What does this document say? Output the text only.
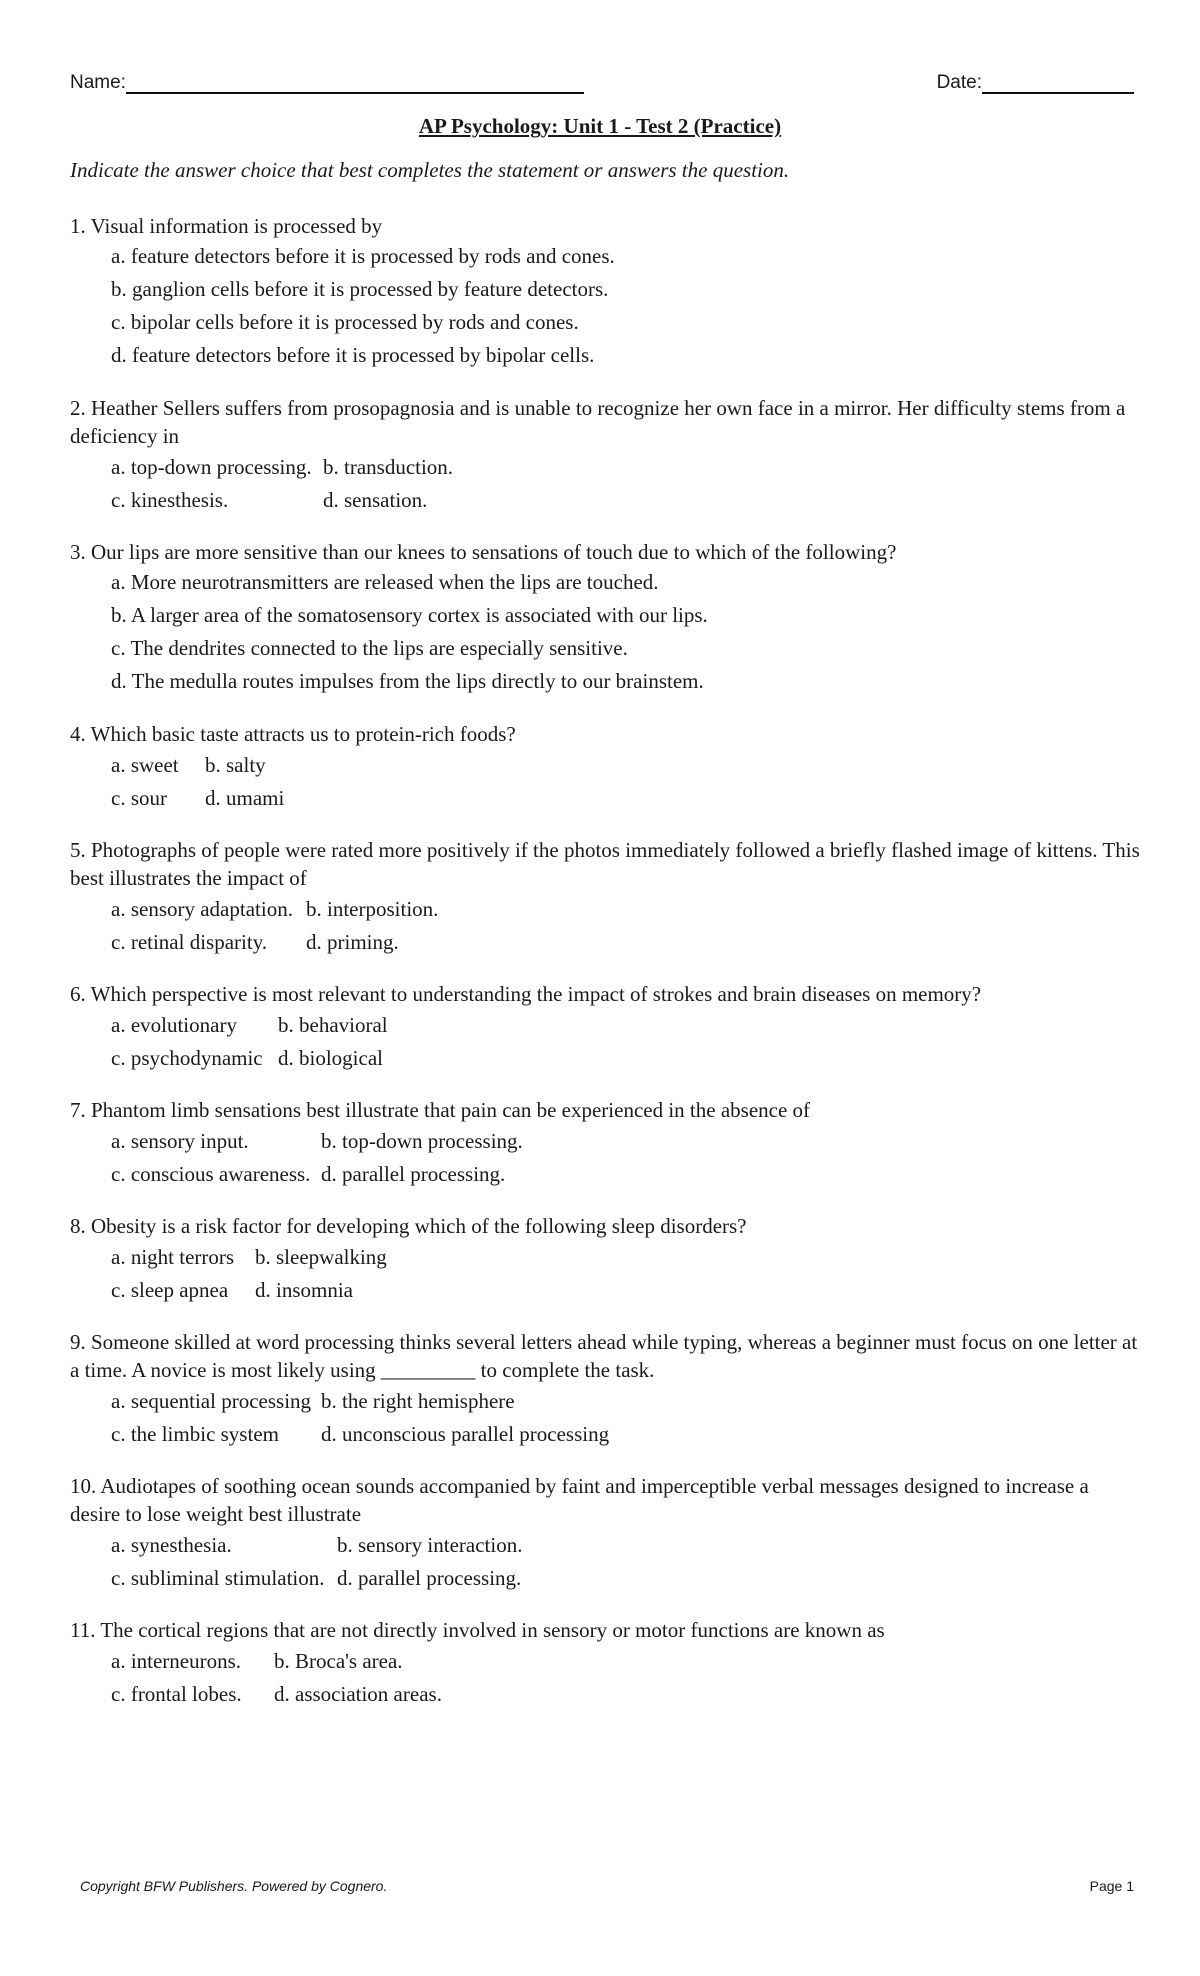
Name:	Date:
AP Psychology: Unit 1 - Test 2 (Practice)
Indicate the answer choice that best completes the statement or answers the question.
1. Visual information is processed by
a. feature detectors before it is processed by rods and cones.
b. ganglion cells before it is processed by feature detectors.
c. bipolar cells before it is processed by rods and cones.
d. feature detectors before it is processed by bipolar cells.
2. Heather Sellers suffers from prosopagnosia and is unable to recognize her own face in a mirror. Her difficulty stems from a deficiency in
a. top-down processing. b. transduction.
c. kinesthesis.	d. sensation.
3. Our lips are more sensitive than our knees to sensations of touch due to which of the following?
a. More neurotransmitters are released when the lips are touched.
b. A larger area of the somatosensory cortex is associated with our lips.
c. The dendrites connected to the lips are especially sensitive.
d. The medulla routes impulses from the lips directly to our brainstem.
4. Which basic taste attracts us to protein-rich foods?
a. sweet	b. salty
c. sour	d. umami
5. Photographs of people were rated more positively if the photos immediately followed a briefly flashed image of kittens. This best illustrates the impact of
a. sensory adaptation. b. interposition.
c. retinal disparity.	d. priming.
6. Which perspective is most relevant to understanding the impact of strokes and brain diseases on memory?
a. evolutionary	b. behavioral
c. psychodynamic d. biological
7. Phantom limb sensations best illustrate that pain can be experienced in the absence of
a. sensory input.	b. top-down processing.
c. conscious awareness. d. parallel processing.
8. Obesity is a risk factor for developing which of the following sleep disorders?
a. night terrors b. sleepwalking
c. sleep apnea	d. insomnia
9. Someone skilled at word processing thinks several letters ahead while typing, whereas a beginner must focus on one letter at a time. A novice is most likely using _________ to complete the task.
a. sequential processing b. the right hemisphere
c. the limbic system	d. unconscious parallel processing
10. Audiotapes of soothing ocean sounds accompanied by faint and imperceptible verbal messages designed to increase a desire to lose weight best illustrate
a. synesthesia.	b. sensory interaction.
c. subliminal stimulation. d. parallel processing.
11. The cortical regions that are not directly involved in sensory or motor functions are known as
a. interneurons.	b. Broca's area.
c. frontal lobes.	d. association areas.
Copyright BFW Publishers. Powered by Cognero.	Page 1
